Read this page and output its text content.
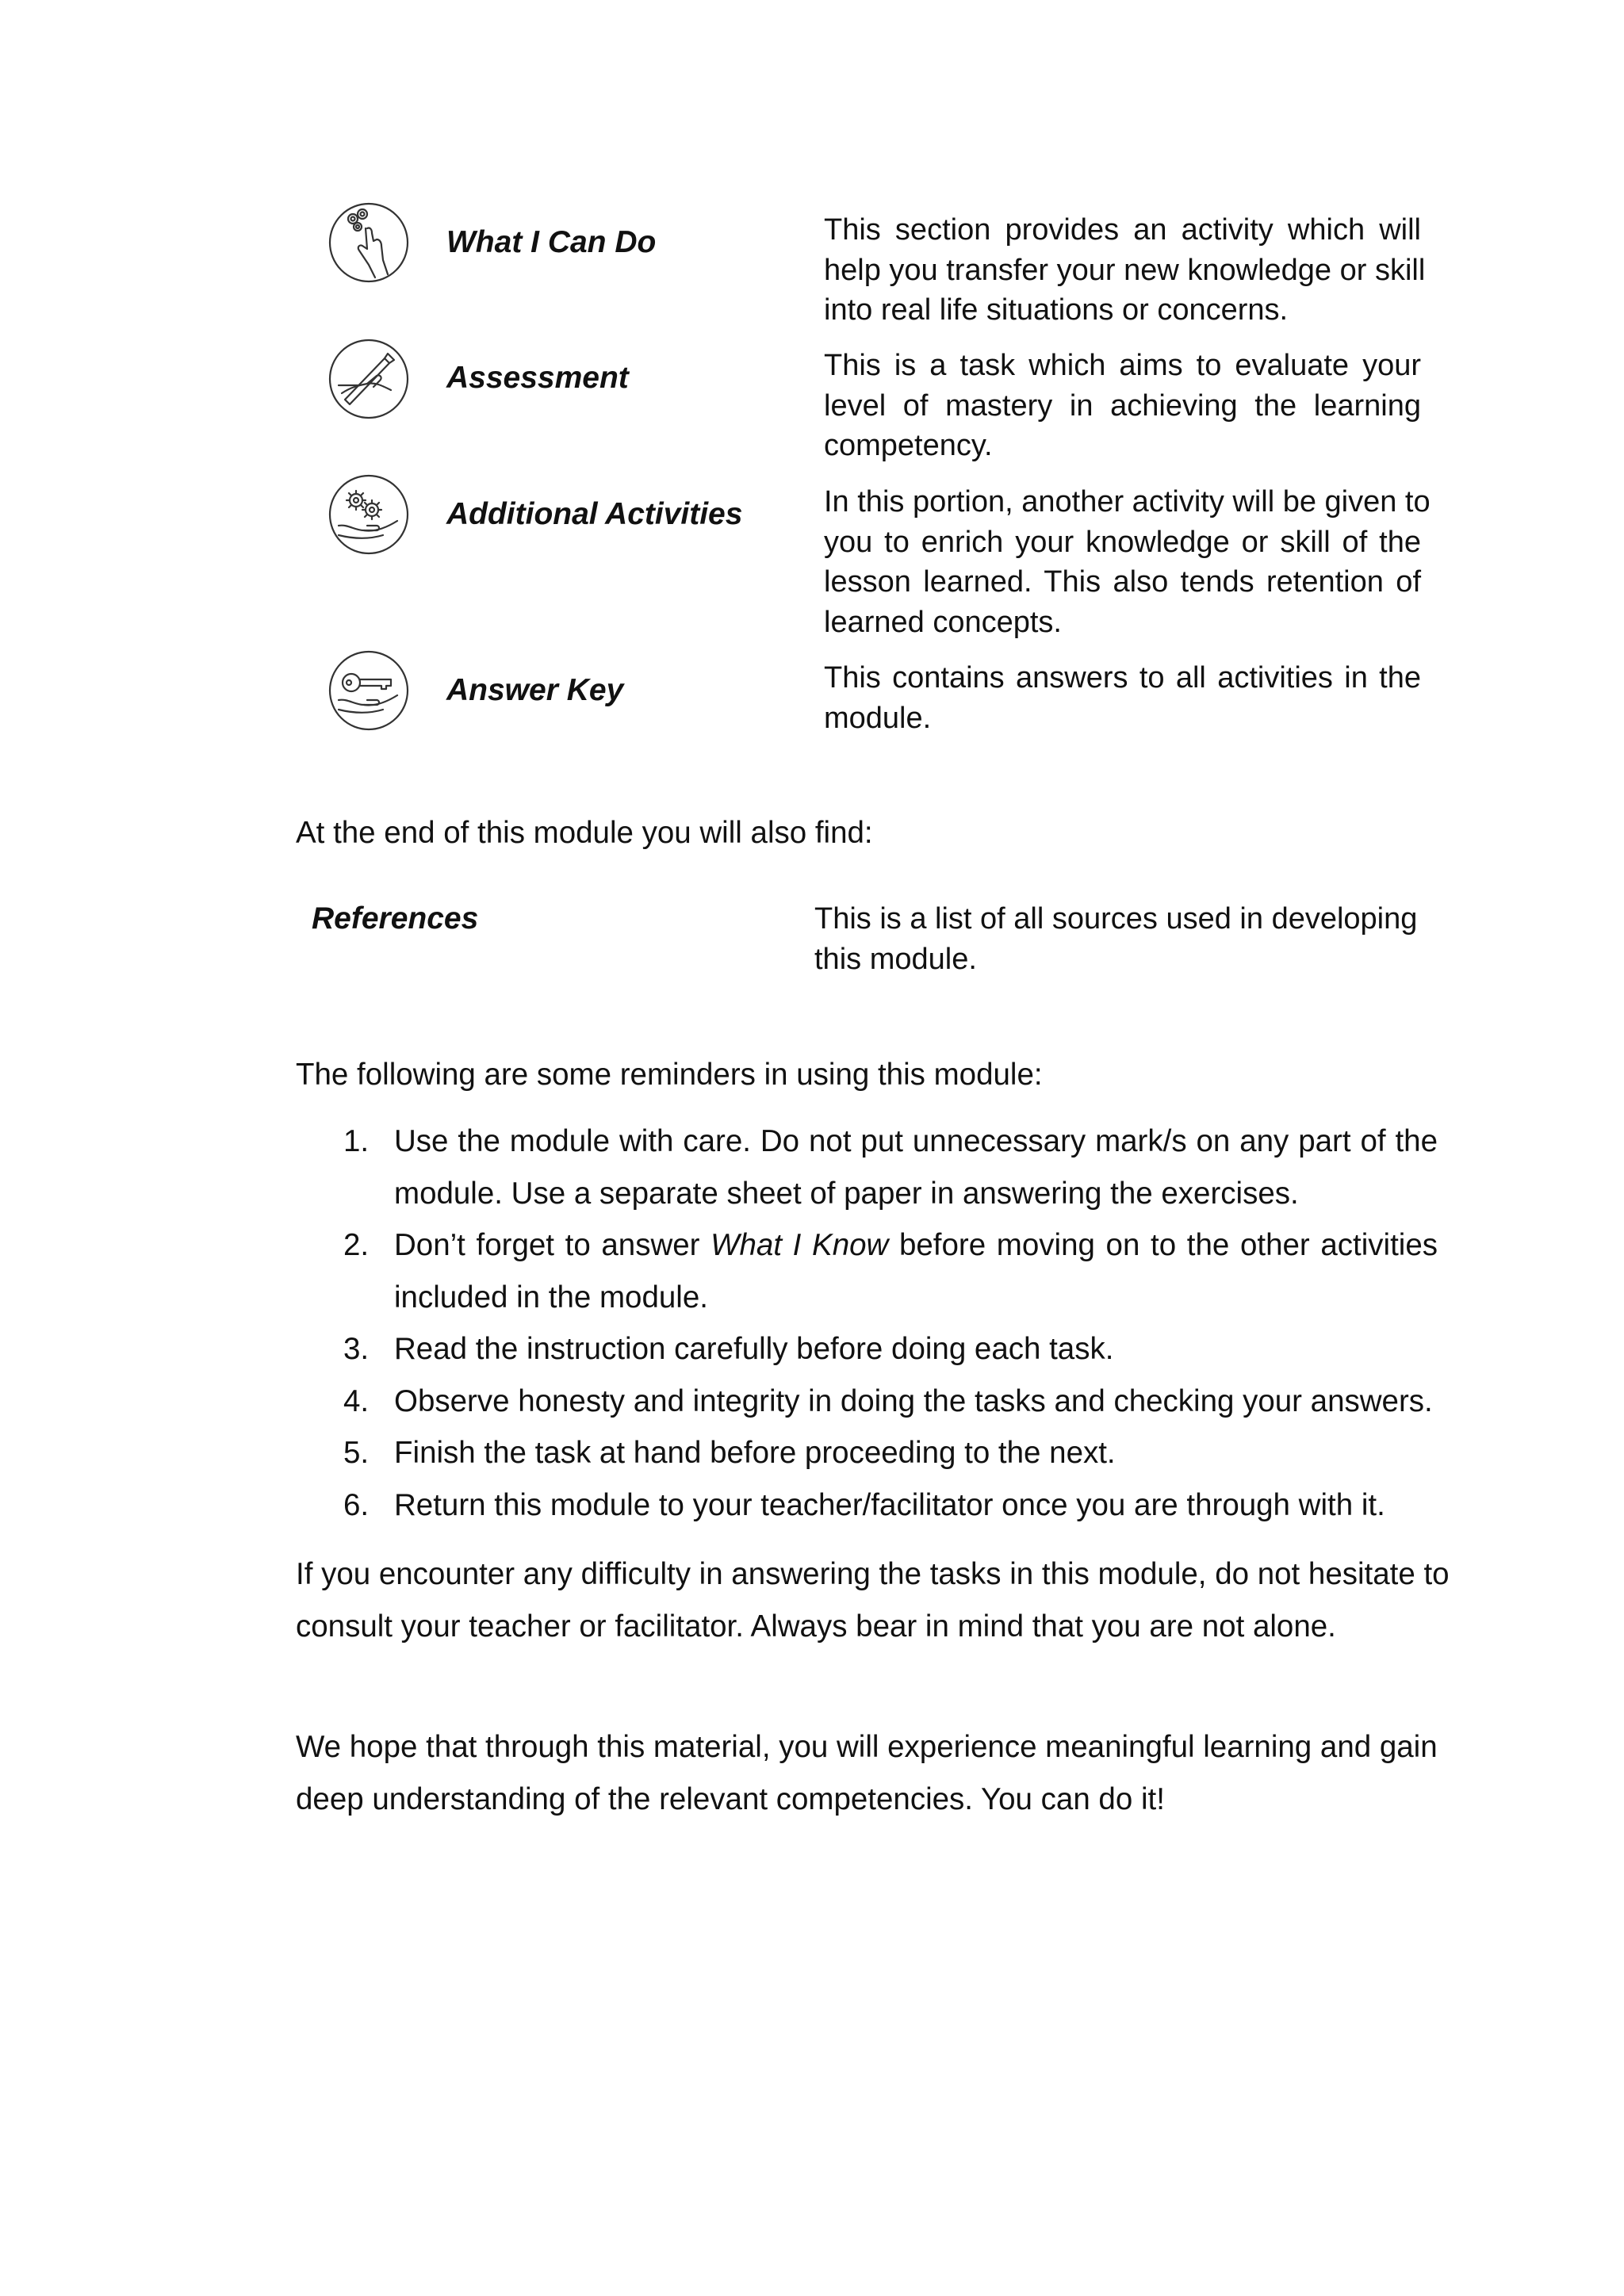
What I Can Do	This section provides an activity which will
help you transfer your new knowledge or skill
into real life situations or concerns.
Assessment	This is a task which aims to evaluate your
level of mastery in achieving the learning
competency.
Additional Activities	In this portion, another activity will be given to
you to enrich your knowledge or skill of the
lesson learned. This also tends retention of
learned concepts.
Answer Key	This contains answers to all activities in the
module.
At the end of this module you will also find:
References	This is a list of all sources used in developing
this module.
The following are some reminders in using this module:
1. Use the module with care. Do not put unnecessary mark/s on any part of the
module. Use a separate sheet of paper in answering the exercises.
2. Don’t forget to answer What I Know before moving on to the other activities
included in the module.
3. Read the instruction carefully before doing each task.
4. Observe honesty and integrity in doing the tasks and checking your answers.
5. Finish the task at hand before proceeding to the next.
6. Return this module to your teacher/facilitator once you are through with it.
If you encounter any difficulty in answering the tasks in this module, do not hesitate to
consult your teacher or facilitator. Always bear in mind that you are not alone.
We hope that through this material, you will experience meaningful learning and gain
deep understanding of the relevant competencies. You can do it!
